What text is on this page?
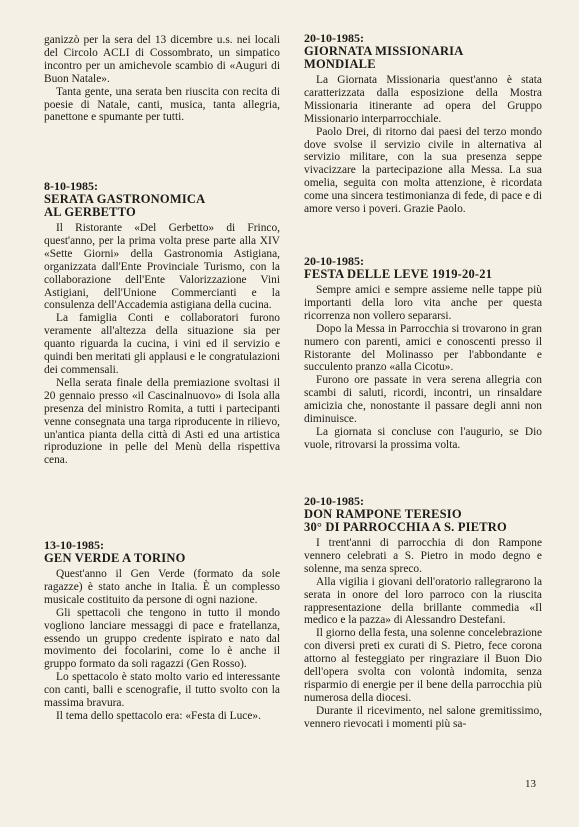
ganizzò per la sera del 13 dicembre u.s. nei locali del Circolo ACLI di Cossombrato, un simpatico incontro per un amichevole scambio di «Auguri di Buon Natale».

Tanta gente, una serata ben riuscita con recita di poesie di Natale, canti, musica, tanta allegria, panettone e spumante per tutti.

8-10-1985:
SERATA GASTRONOMICA
AL GERBETTO

Il Ristorante «Del Gerbetto» di Frinco, quest'anno, per la prima volta prese parte alla XIV «Sette Giorni» della Gastronomia Astigiana, organizzata dall'Ente Provinciale Turismo, con la collaborazione dell'Ente Valorizzazione Vini Astigiani, dell'Unione Commercianti e la consulenza dell'Accademia astigiana della cucina.

La famiglia Conti e collaboratori furono veramente all'altezza della situazione sia per quanto riguarda la cucina, i vini ed il servizio e quindi ben meritati gli applausi e le congratulazioni dei commensali.

Nella serata finale della premiazione svoltasi il 20 gennaio presso «il Cascinalnuovo» di Isola alla presenza del ministro Romita, a tutti i partecipanti venne consegnata una targa riproducente in rilievo, un'antica pianta della città di Asti ed una artistica riproduzione in pelle del Menù della rispettiva cena.

13-10-1985:
GEN VERDE A TORINO

Quest'anno il Gen Verde (formato da sole ragazze) è stato anche in Italia. È un complesso musicale costituito da persone di ogni nazione.

Gli spettacoli che tengono in tutto il mondo vogliono lanciare messaggi di pace e fratellanza, essendo un gruppo credente ispirato e nato dal movimento dei focolarini, come lo è anche il gruppo formato da soli ragazzi (Gen Rosso).

Lo spettacolo è stato molto vario ed interessante con canti, balli e scenografie, il tutto svolto con la massima bravura.

Il tema dello spettacolo era: «Festa di Luce».

20-10-1985:
GIORNATA MISSIONARIA
MONDIALE

La Giornata Missionaria quest'anno è stata caratterizzata dalla esposizione della Mostra Missionaria itinerante ad opera del Gruppo Missionario interparrocchiale.

Paolo Drei, di ritorno dai paesi del terzo mondo dove svolse il servizio civile in alternativa al servizio militare, con la sua presenza seppe vivacizzare la partecipazione alla Messa. La sua omelia, seguita con molta attenzione, è ricordata come una sincera testimonianza di fede, di pace e di amore verso i poveri. Grazie Paolo.

20-10-1985:
FESTA DELLE LEVE 1919-20-21

Sempre amici e sempre assieme nelle tappe più importanti della loro vita anche per questa ricorrenza non vollero separarsi.

Dopo la Messa in Parrocchia si trovarono in gran numero con parenti, amici e conoscenti presso il Ristorante del Molinasso per l'abbondante e succulento pranzo «alla Cicotu».

Furono ore passate in vera serena allegria con scambi di saluti, ricordi, incontri, un rinsaldare amicizia che, nonostante il passare degli anni non diminuisce.

La giornata si concluse con l'augurio, se Dio vuole, ritrovarsi la prossima volta.

20-10-1985:
DON RAMPONE TERESIO
30° DI PARROCCHIA A S. PIETRO

I trent'anni di parrocchia di don Rampone vennero celebrati a S. Pietro in modo degno e solenne, ma senza spreco.

Alla vigilia i giovani dell'oratorio rallegrarono la serata in onore del loro parroco con la riuscita rappresentazione della brillante commedia «Il medico e la pazza» di Alessandro Destefani.

Il giorno della festa, una solenne concelebrazione con diversi preti ex curati di S. Pietro, fece corona attorno al festeggiato per ringraziare il Buon Dio dell'opera svolta con volontà indomita, senza risparmio di energie per il bene della parrocchia più numerosa della diocesi.

Durante il ricevimento, nel salone gremitissimo, vennero rievocati i momenti più sa-

13
